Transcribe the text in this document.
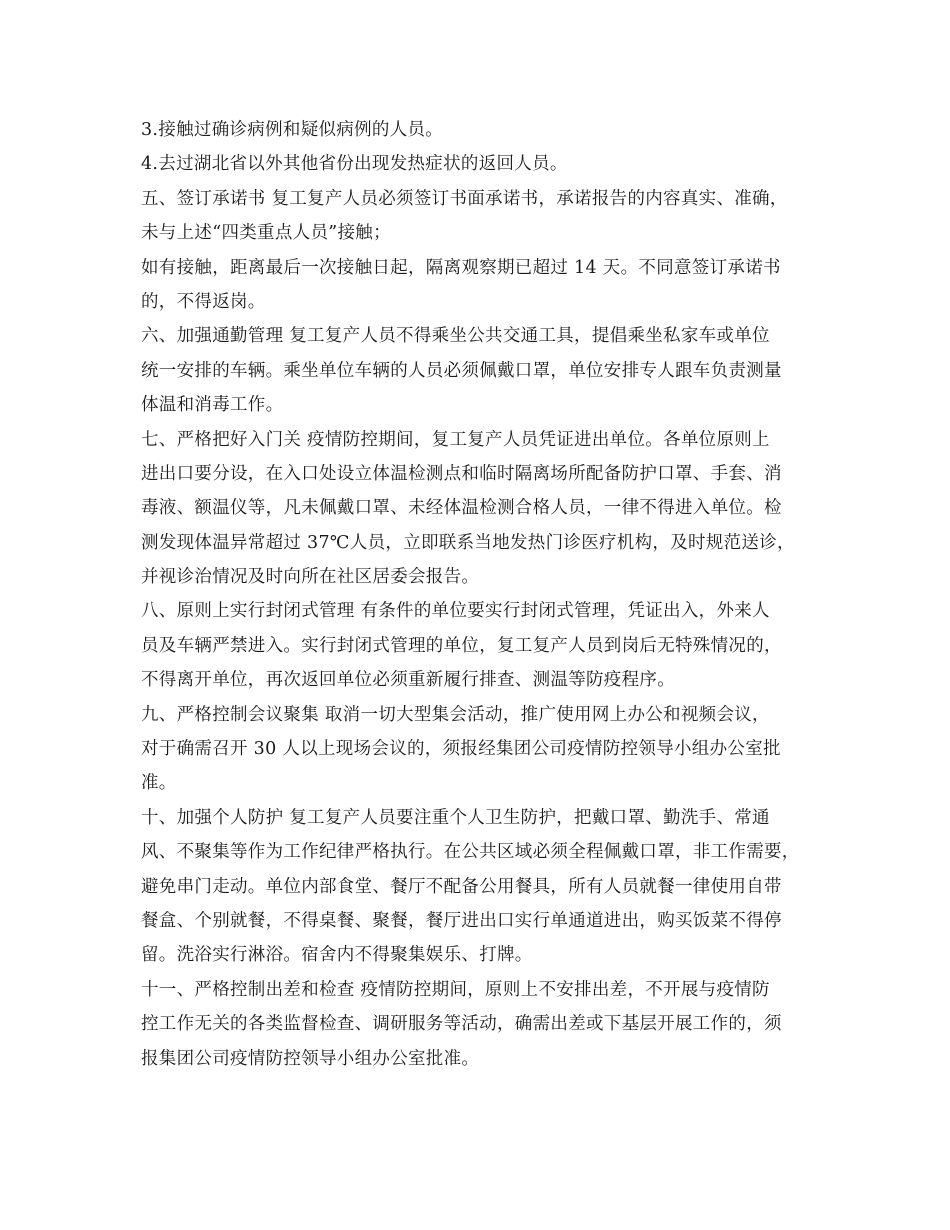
3.接触过确诊病例和疑似病例的人员。
4.去过湖北省以外其他省份出现发热症状的返回人员。
五、签订承诺书 复工复产人员必须签订书面承诺书，承诺报告的内容真实、准确，
未与上述“四类重点人员”接触；
如有接触，距离最后一次接触日起，隔离观察期已超过 14 天。不同意签订承诺书
的，不得返岗。
六、加强通勤管理 复工复产人员不得乘坐公共交通工具，提倡乘坐私家车或单位
统一安排的车辆。乘坐单位车辆的人员必须佩戴口罩，单位安排专人跟车负责测量
体温和消毒工作。
七、严格把好入门关 疫情防控期间，复工复产人员凭证进出单位。各单位原则上
进出口要分设，在入口处设立体温检测点和临时隔离场所配备防护口罩、手套、消
毒液、额温仪等，凡未佩戴口罩、未经体温检测合格人员，一律不得进入单位。检
测发现体温异常超过 37℃人员，立即联系当地发热门诊医疗机构，及时规范送诊，
并视诊治情况及时向所在社区居委会报告。
八、原则上实行封闭式管理 有条件的单位要实行封闭式管理，凭证出入，外来人
员及车辆严禁进入。实行封闭式管理的单位，复工复产人员到岗后无特殊情况的，
不得离开单位，再次返回单位必须重新履行排查、测温等防疫程序。
九、严格控制会议聚集 取消一切大型集会活动，推广使用网上办公和视频会议，
对于确需召开 30 人以上现场会议的，须报经集团公司疫情防控领导小组办公室批
准。
十、加强个人防护 复工复产人员要注重个人卫生防护，把戴口罩、勤洗手、常通
风、不聚集等作为工作纪律严格执行。在公共区域必须全程佩戴口罩，非工作需要，
避免串门走动。单位内部食堂、餐厅不配备公用餐具，所有人员就餐一律使用自带
餐盒、个别就餐，不得桌餐、聚餐，餐厅进出口实行单通道进出，购买饭菜不得停
留。洗浴实行淋浴。宿舍内不得聚集娱乐、打牌。
十一、严格控制出差和检查 疫情防控期间，原则上不安排出差，不开展与疫情防
控工作无关的各类监督检查、调研服务等活动，确需出差或下基层开展工作的，须
报集团公司疫情防控领导小组办公室批准。
